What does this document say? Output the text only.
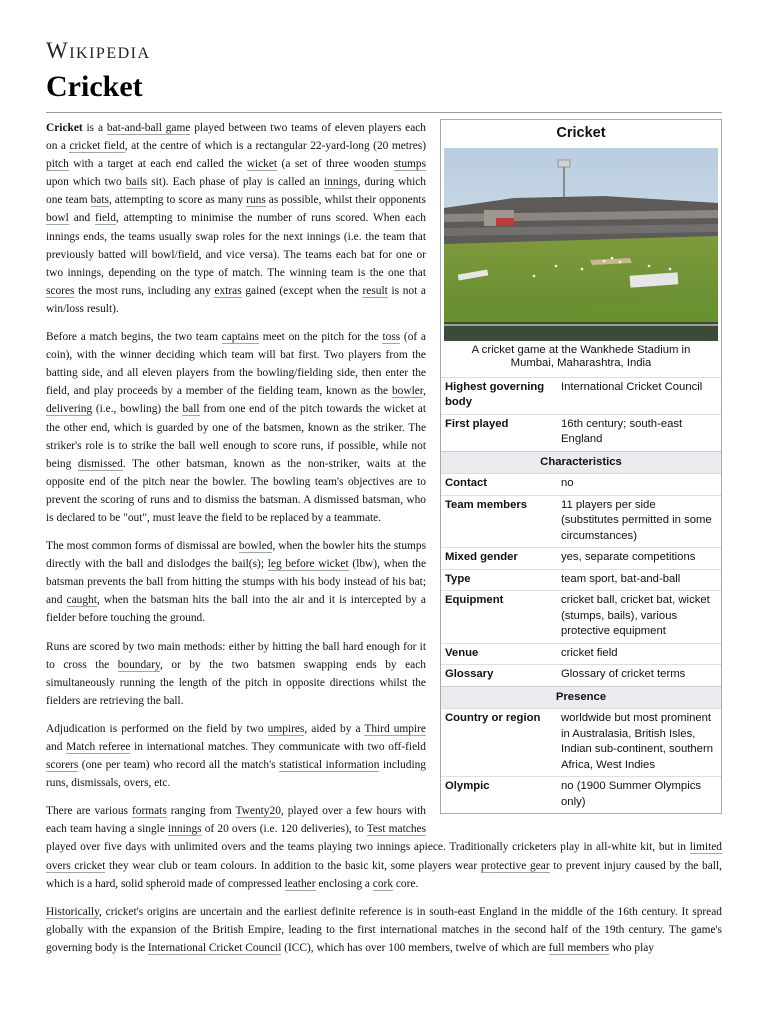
Wikipedia
Cricket
Cricket
A cricket game at the Wankhede Stadium in Mumbai, Maharashtra, India
Highest governing body	International Cricket Council
First played	16th century; south-east England
Characteristics	
Contact	no
Team members	11 players per side (substitutes permitted in some circumstances)
Mixed gender	yes, separate competitions
Type	team sport, bat-and-ball
Equipment	cricket ball, cricket bat, wicket (stumps, bails), various protective equipment
Venue	cricket field
Glossary	Glossary of cricket terms
Presence	
Country or region	worldwide but most prominent in Australasia, British Isles, Indian sub-continent, southern Africa, West Indies
Olympic	no (1900 Summer Olympics only)

Cricket is a bat-and-ball game played between two teams of eleven players each on a cricket field, at the centre of which is a rectangular 22-yard-long (20 metres) pitch with a target at each end called the wicket (a set of three wooden stumps upon which two bails sit). Each phase of play is called an innings, during which one team bats, attempting to score as many runs as possible, whilst their opponents bowl and field, attempting to minimise the number of runs scored. When each innings ends, the teams usually swap roles for the next innings (i.e. the team that previously batted will bowl/field, and vice versa). The teams each bat for one or two innings, depending on the type of match. The winning team is the one that scores the most runs, including any extras gained (except when the result is not a win/loss result).

Before a match begins, the two team captains meet on the pitch for the toss (of a coin), with the winner deciding which team will bat first. Two players from the batting side, and all eleven players from the bowling/fielding side, then enter the field, and play proceeds by a member of the fielding team, known as the bowler, delivering (i.e., bowling) the ball from one end of the pitch towards the wicket at the other end, which is guarded by one of the batsmen, known as the striker. The striker's role is to strike the ball well enough to score runs, if possible, while not being dismissed. The other batsman, known as the non-striker, waits at the opposite end of the pitch near the bowler. The bowling team's objectives are to prevent the scoring of runs and to dismiss the batsman. A dismissed batsman, who is declared to be "out", must leave the field to be replaced by a teammate.

The most common forms of dismissal are bowled, when the bowler hits the stumps directly with the ball and dislodges the bail(s); leg before wicket (lbw), when the batsman prevents the ball from hitting the stumps with his body instead of his bat; and caught, when the batsman hits the ball into the air and it is intercepted by a fielder before touching the ground.

Runs are scored by two main methods: either by hitting the ball hard enough for it to cross the boundary, or by the two batsmen swapping ends by each simultaneously running the length of the pitch in opposite directions whilst the fielders are retrieving the ball.

Adjudication is performed on the field by two umpires, aided by a Third umpire and Match referee in international matches. They communicate with two off-field scorers (one per team) who record all the match's statistical information including runs, dismissals, overs, etc.

There are various formats ranging from Twenty20, played over a few hours with each team having a single innings of 20 overs (i.e. 120 deliveries), to Test matches played over five days with unlimited overs and the teams playing two innings apiece. Traditionally cricketers play in all-white kit, but in limited overs cricket they wear club or team colours. In addition to the basic kit, some players wear protective gear to prevent injury caused by the ball, which is a hard, solid spheroid made of compressed leather enclosing a cork core.

Historically, cricket's origins are uncertain and the earliest definite reference is in south-east England in the middle of the 16th century. It spread globally with the expansion of the British Empire, leading to the first international matches in the second half of the 19th century. The game's governing body is the International Cricket Council (ICC), which has over 100 members, twelve of which are full members who play
